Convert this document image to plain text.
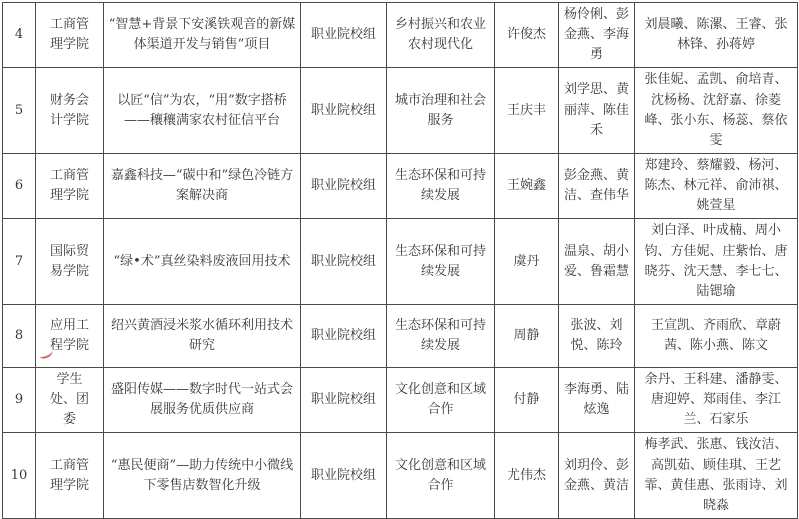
4	工商管理学院	“智慧+背景下安溪铁观音的新媒体渠道开发与销售”项目	职业院校组	乡村振兴和农业农村现代化	许俊杰	杨伶俐、彭金燕、李海勇	刘晨曦、陈漯、王睿、张林锋、孙蒋婷
5	财务会计学院	以匠“信”为农，“用”数字搭桥——穰穰满家农村征信平台	职业院校组	城市治理和社会服务	王庆丰	刘学思、黄丽萍、陈佳禾	张佳妮、孟凯、俞培青、沈杨杨、沈舒嘉、徐菱峰、张小东、杨蕊、蔡依雯
6	工商管理学院	嘉鑫科技—“碳中和”绿色冷链方案解决商	职业院校组	生态环保和可持续发展	王婉鑫	彭金燕、黄洁、查伟华	郑建玲、蔡耀毅、杨河、陈杰、林元祥、俞沛祺、姚萱星
7	国际贸易学院	“绿•术”真丝染料废液回用技术	职业院校组	生态环保和可持续发展	虞丹	温泉、胡小爱、鲁霜慧	刘白泽、叶成楠、周小钧、方佳妮、庄紫怡、唐晓芬、沈天慧、李七七、陆锶瑜
8	应用工程学院	绍兴黄酒浸米浆水循环利用技术研究	职业院校组	生态环保和可持续发展	周静	张波、刘悦、陈玲	王宣凯、齐雨欣、章蔚茜、陈小燕、陈文
9	学生处、团委	盛阳传媒——数字时代一站式会展服务优质供应商	职业院校组	文化创意和区域合作	付静	李海勇、陆炫逸	余丹、王科建、潘静雯、唐迎婷、郑雨佳、李江兰、石家乐
10	工商管理学院	“惠民便商”—助力传统中小微线下零售店数智化升级	职业院校组	文化创意和区域合作	尤伟杰	刘玥伶、彭金燕、黄洁	梅孝武、张惠、钱汝洁、高凯茹、顾佳琪、王艺霏、黄佳惠、张雨诗、刘晓淼
